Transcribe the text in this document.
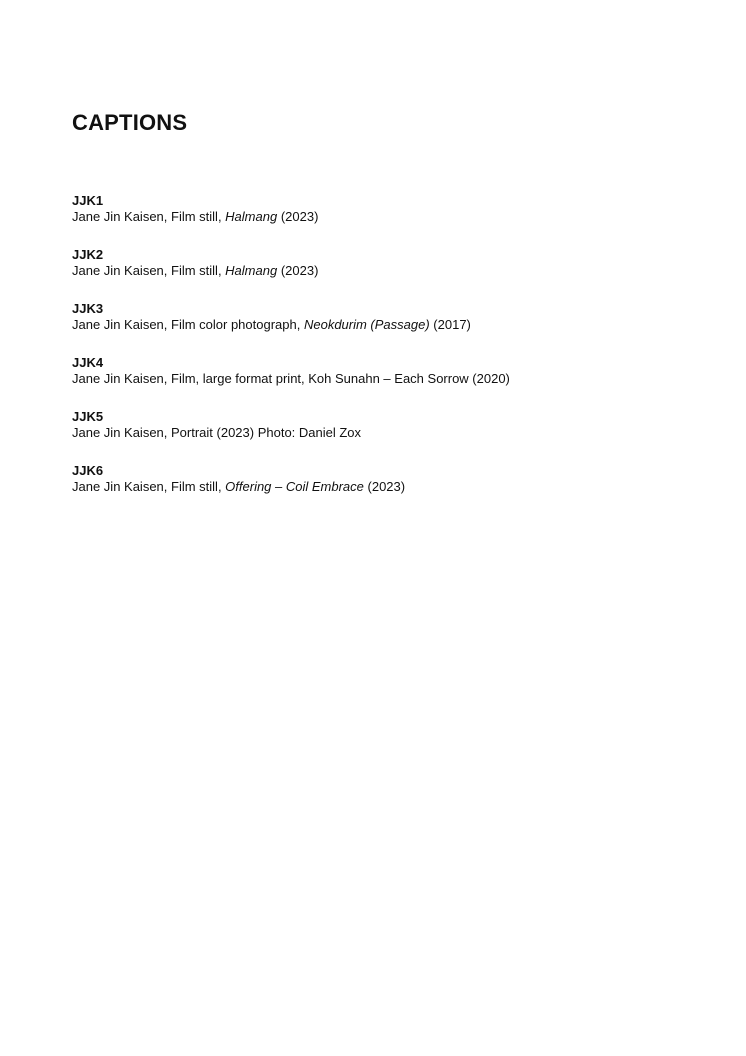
CAPTIONS
JJK1
Jane Jin Kaisen, Film still, Halmang (2023)
JJK2
Jane Jin Kaisen, Film still, Halmang (2023)
JJK3
Jane Jin Kaisen, Film color photograph, Neokdurim (Passage) (2017)
JJK4
Jane Jin Kaisen, Film, large format print, Koh Sunahn – Each Sorrow (2020)
JJK5
Jane Jin Kaisen, Portrait (2023) Photo: Daniel Zox
JJK6
Jane Jin Kaisen, Film still, Offering – Coil Embrace (2023)
